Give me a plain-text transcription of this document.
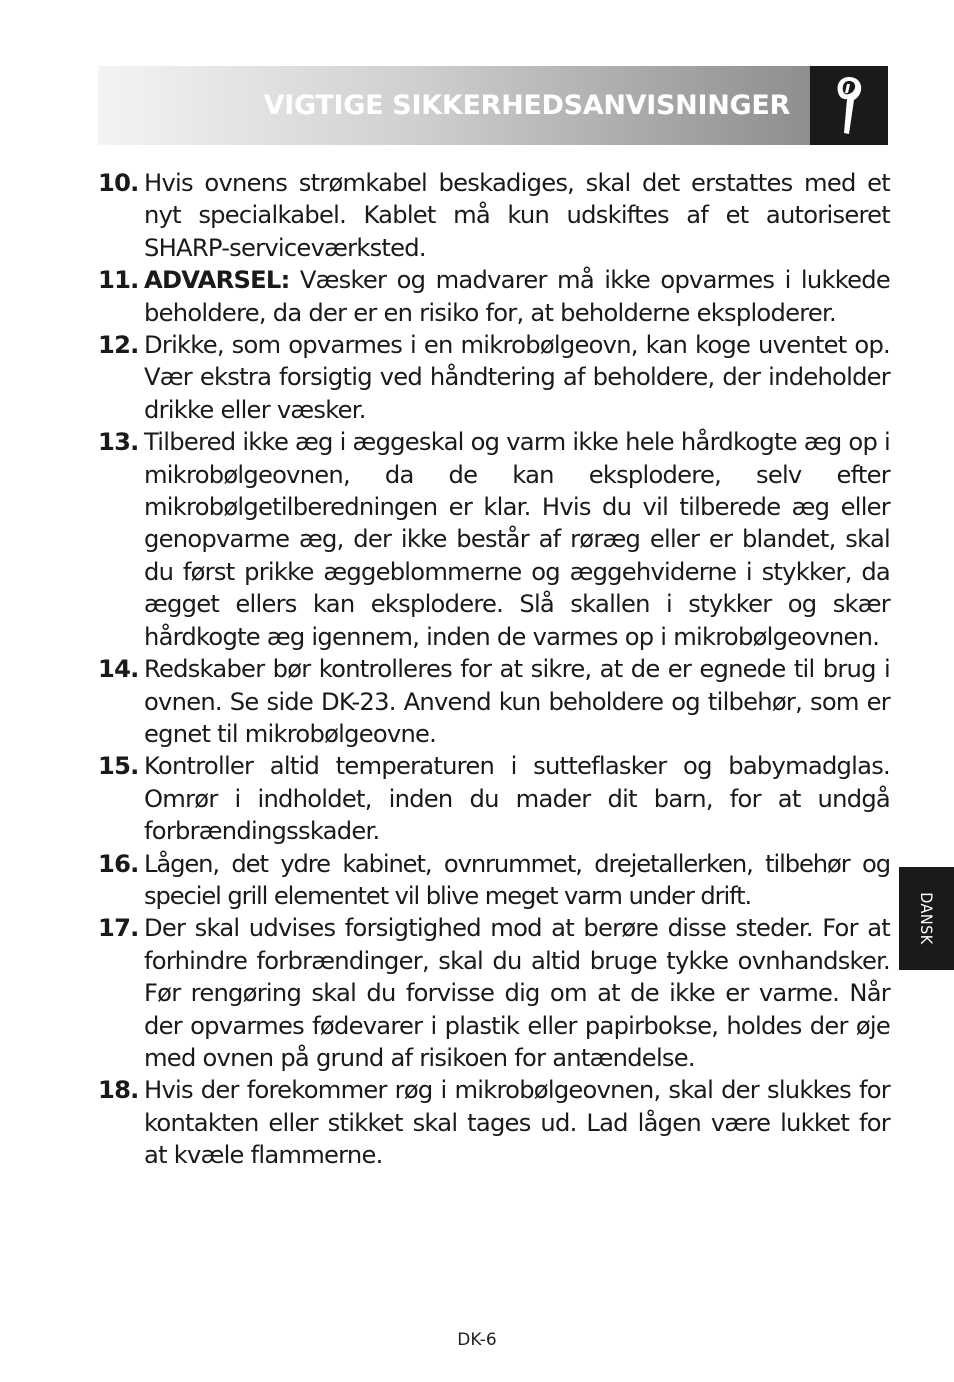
VIGTIGE SIKKERHEDSANVISNINGER
10. Hvis ovnens strømkabel beskadiges, skal det erstattes med et nyt specialkabel. Kablet må kun udskiftes af et autoriseret SHARP-serviceværksted.
11. ADVARSEL: Væsker og madvarer må ikke opvarmes i lukkede beholdere, da der er en risiko for, at beholderne eksploderer.
12. Drikke, som opvarmes i en mikrobølgeovn, kan koge uventet op. Vær ekstra forsigtig ved håndtering af beholdere, der indeholder drikke eller væsker.
13. Tilbered ikke æg i æggeskal og varm ikke hele hårdkogte æg op i mikrobølgeovnen, da de kan eksplodere, selv efter mikrobølgetilberedningen er klar. Hvis du vil tilberede æg eller genopvarme æg, der ikke består af røræg eller er blandet, skal du først prikke æggeblommerne og æggehviderne i stykker, da ægget ellers kan eksplodere. Slå skallen i stykker og skær hårdkogte æg igennem, inden de varmes op i mikrobølgeovnen.
14. Redskaber bør kontrolleres for at sikre, at de er egnede til brug i ovnen. Se side DK-23. Anvend kun beholdere og tilbehør, som er egnet til mikrobølgeovne.
15. Kontroller altid temperaturen i sutteflasker og babymadglas. Omrør i indholdet, inden du mader dit barn, for at undgå forbrændingsskader.
16. Lågen, det ydre kabinet, ovnrummet, drejetallerken, tilbehør og speciel grill elementet vil blive meget varm under drift.
17. Der skal udvises forsigtighed mod at berøre disse steder. For at forhindre forbrændinger, skal du altid bruge tykke ovnhandsker. Før rengøring skal du forvisse dig om at de ikke er varme. Når der opvarmes fødevarer i plastik eller papirbokse, holdes der øje med ovnen på grund af risikoen for antændelse.
18. Hvis der forekommer røg i mikrobølgeovnen, skal der slukkes for kontakten eller stikket skal tages ud. Lad lågen være lukket for at kvæle flammerne.
DANSK
DK-6
